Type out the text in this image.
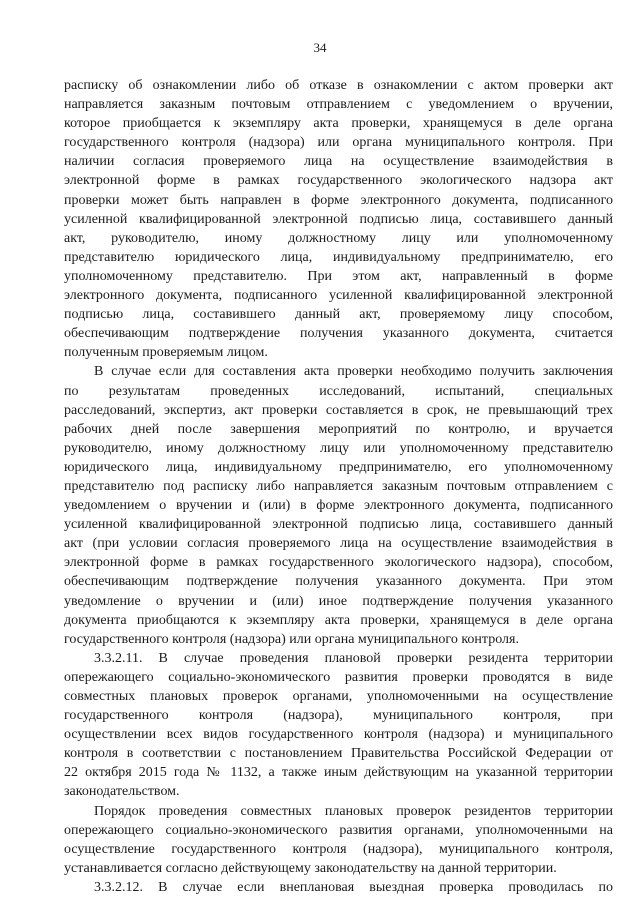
34
расписку об ознакомлении либо об отказе в ознакомлении с актом проверки акт
направляется заказным почтовым отправлением с уведомлением о вручении,
которое приобщается к экземпляру акта проверки, хранящемуся в деле органа
государственного контроля (надзора) или органа муниципального контроля. При
наличии согласия проверяемого лица на осуществление взаимодействия в
электронной форме в рамках государственного экологического надзора акт
проверки может быть направлен в форме электронного документа, подписанного
усиленной квалифицированной электронной подписью лица, составившего данный
акт, руководителю, иному должностному лицу или уполномоченному
представителю юридического лица, индивидуальному предпринимателю, его
уполномоченному представителю. При этом акт, направленный в форме
электронного документа, подписанного усиленной квалифицированной электронной
подписью лица, составившего данный акт, проверяемому лицу способом,
обеспечивающим подтверждение получения указанного документа, считается
полученным проверяемым лицом.
В случае если для составления акта проверки необходимо получить заключения
по результатам проведенных исследований, испытаний, специальных
расследований, экспертиз, акт проверки составляется в срок, не превышающий трех
рабочих дней после завершения мероприятий по контролю, и вручается
руководителю, иному должностному лицу или уполномоченному представителю
юридического лица, индивидуальному предпринимателю, его уполномоченному
представителю под расписку либо направляется заказным почтовым отправлением с
уведомлением о вручении и (или) в форме электронного документа, подписанного
усиленной квалифицированной электронной подписью лица, составившего данный
акт (при условии согласия проверяемого лица на осуществление взаимодействия в
электронной форме в рамках государственного экологического надзора), способом,
обеспечивающим подтверждение получения указанного документа. При этом
уведомление о вручении и (или) иное подтверждение получения указанного
документа приобщаются к экземпляру акта проверки, хранящемуся в деле органа
государственного контроля (надзора) или органа муниципального контроля.
3.3.2.11. В случае проведения плановой проверки резидента территории
опережающего социально-экономического развития проверки проводятся в виде
совместных плановых проверок органами, уполномоченными на осуществление
государственного контроля (надзора), муниципального контроля, при
осуществлении всех видов государственного контроля (надзора) и муниципального
контроля в соответствии с постановлением Правительства Российской Федерации от
22 октября 2015 года № 1132, а также иным действующим на указанной территории
законодательством.
Порядок проведения совместных плановых проверок резидентов территории
опережающего социально-экономического развития органами, уполномоченными на
осуществление государственного контроля (надзора), муниципального контроля,
устанавливается согласно действующему законодательству на данной территории.
3.3.2.12. В случае если внеплановая выездная проверка проводилась по
